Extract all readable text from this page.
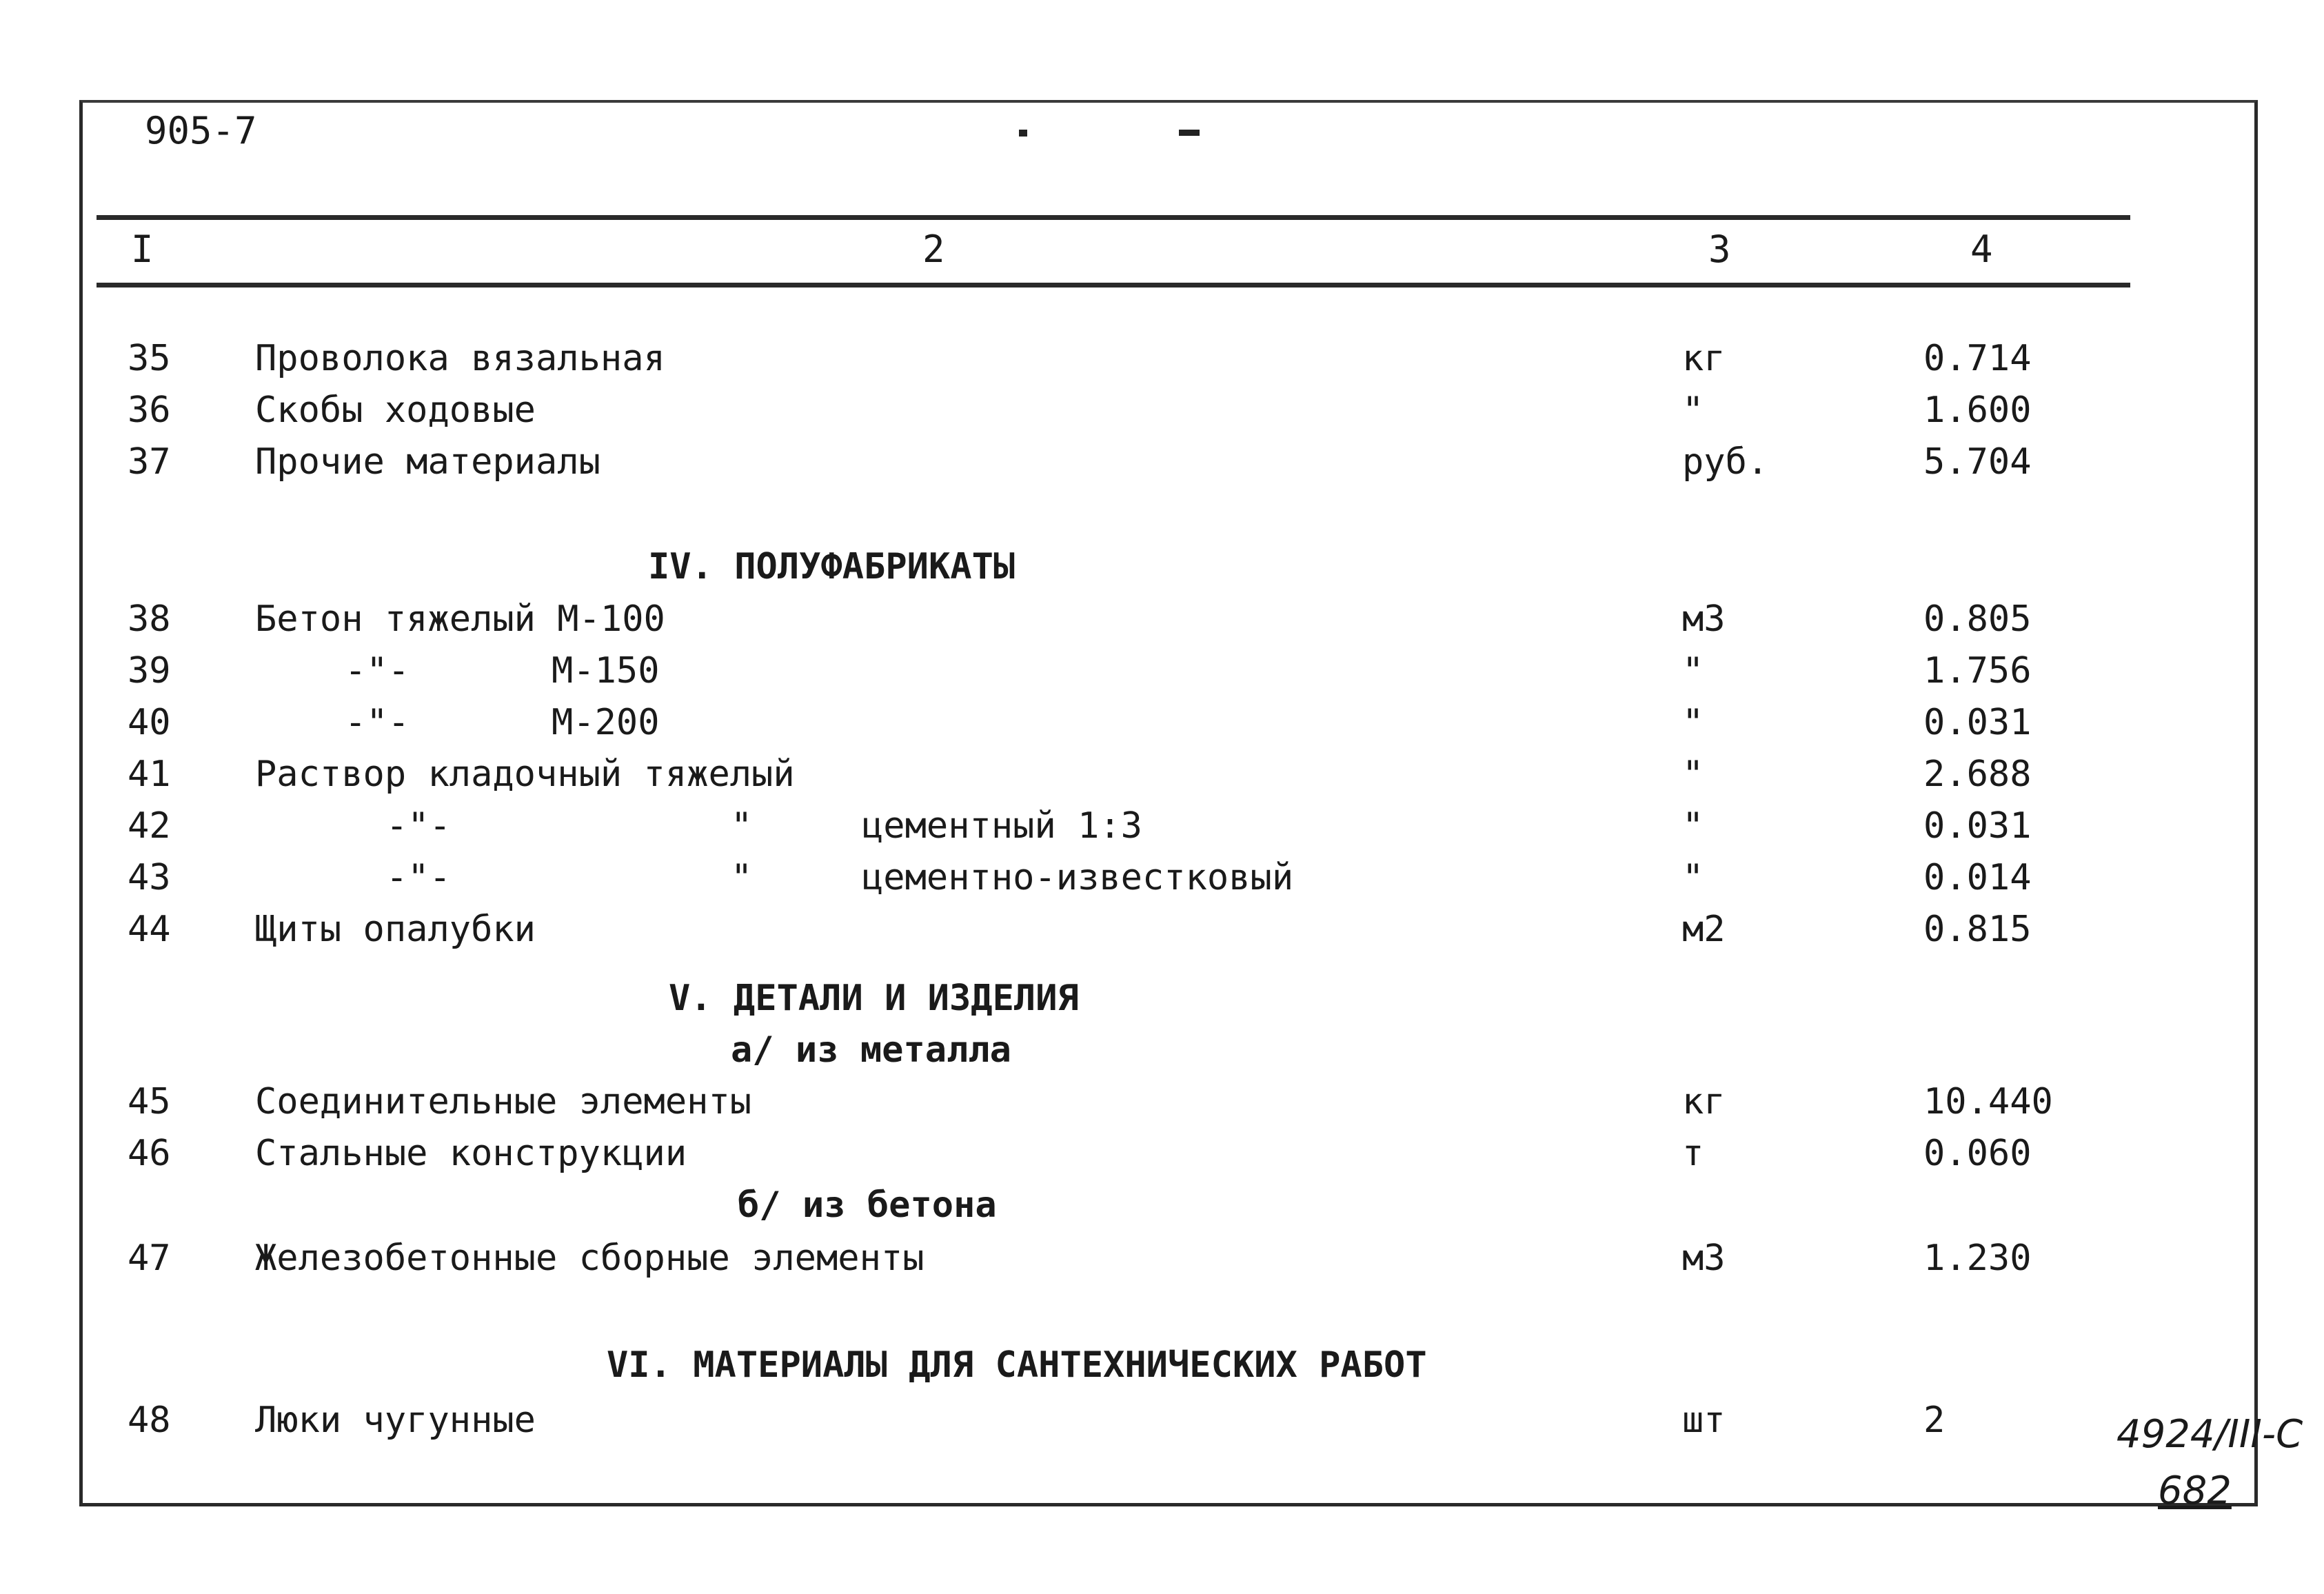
905-7
I	2	3	4
35 Проволока вязальная	кг	0.714
36 Скобы ходовые	"	1.600
37 Прочие материалы	руб.	5.704
IV. ПОЛУФАБРИКАТЫ
38 Бетон тяжелый М-100	м3	0.805
39	-"-	М-150	"	1.756
40	-"-	М-200	"	0.031
41 Раствор кладочный тяжелый	"	2.688
42	-"-	"	цементный 1:3	"	0.031
43	-"-	"	цементно-известковый	"	0.014
44 Щиты опалубки	м2	0.815
V. ДЕТАЛИ И ИЗДЕЛИЯ
а/ из металла
45 Соединительные элементы	кг	10.440
46 Стальные конструкции	т	0.060
б/ из бетона
47 Железобетонные сборные элементы	м3	1.230
VI. МАТЕРИАЛЫ ДЛЯ САНТЕХНИЧЕСКИХ РАБОТ
48 Люки чугунные	шт	2	4924/III-С
682
